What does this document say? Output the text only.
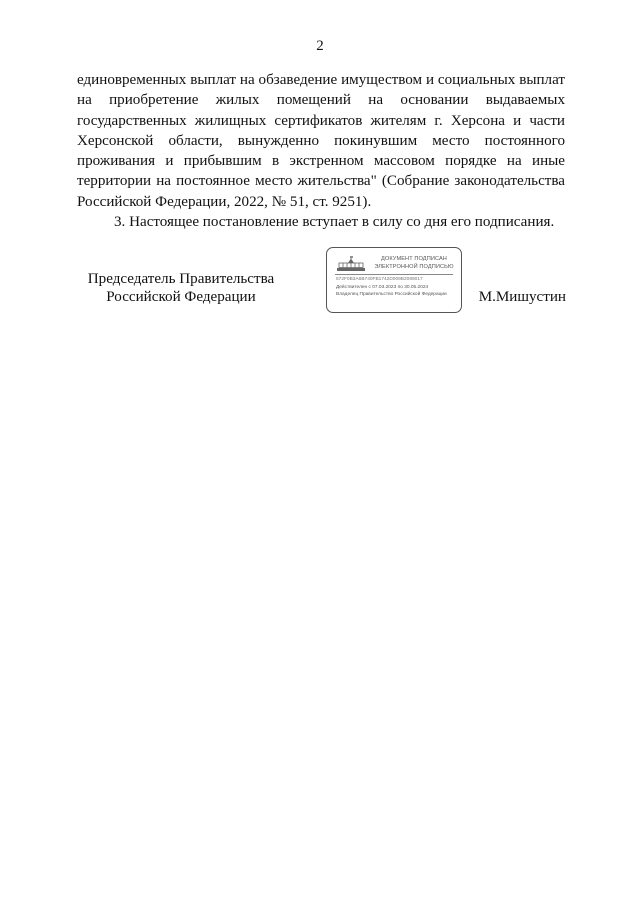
2

единовременных выплат на обзаведение имуществом и социальных выплат на приобретение жилых помещений на основании выдаваемых государственных жилищных сертификатов жителям г. Херсона и части Херсонской области, вынужденно покинувшим место постоянного проживания и прибывшим в экстренном массовом порядке на иные территории на постоянное место жительства" (Собрание законодательства Российской Федерации, 2022, № 51, ст. 9251).

3. Настоящее постановление вступает в силу со дня его подписания.

Председатель Правительства
Российской Федерации
ДОКУМЕНТ ПОДПИСАН
ЭЛЕКТРОННОЙ ПОДПИСЬЮ
572F0B3A6B740FB1742D009B2089017
Действителен с 07.03.2023 по 30.05.2024
Владелец Правительство Российской Федерации	М.Мишустин
